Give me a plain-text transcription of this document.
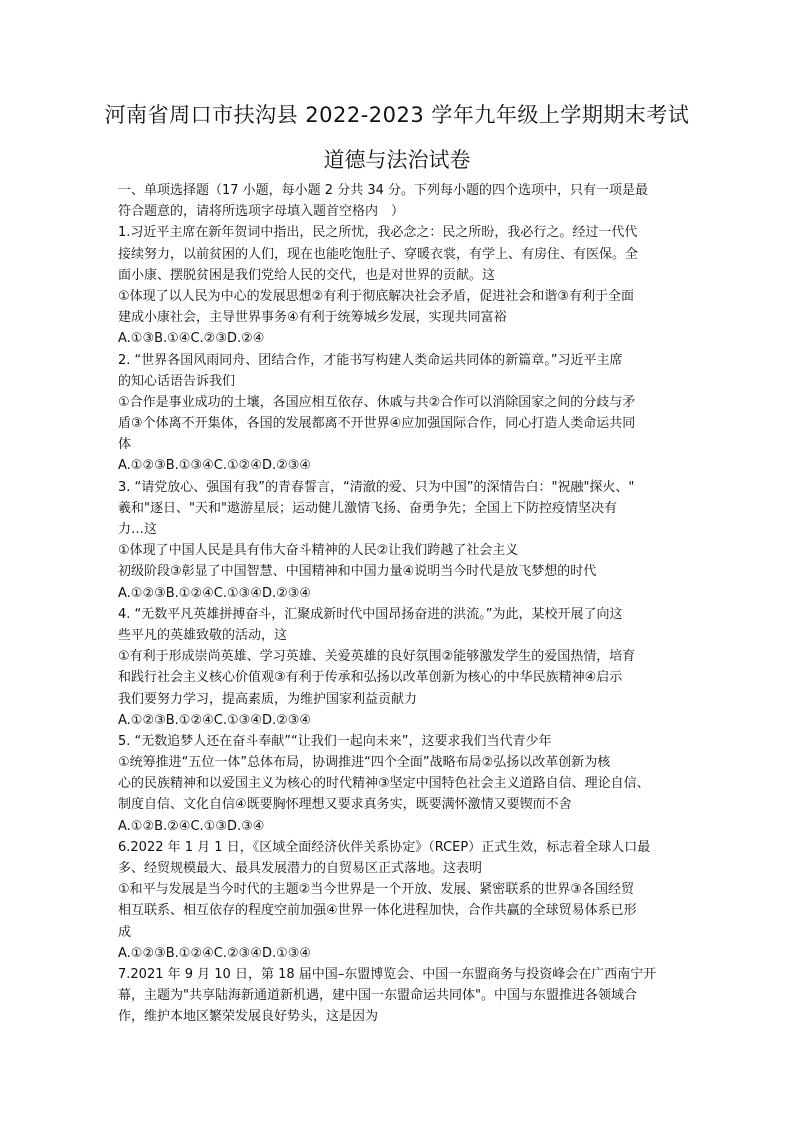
河南省周口市扶沟县 2022-2023 学年九年级上学期期末考试
道德与法治试卷
一、单项选择题（17 小题，每小题 2 分共 34 分。下列每小题的四个选项中，只有一项是最
符合题意的，请将所选项字母填入题首空格内　）
1.习近平主席在新年贺词中指出，民之所忧，我必念之：民之所盼，我必行之。经过一代代
接续努力，以前贫困的人们，现在也能吃饱肚子、穿暖衣裳，有学上、有房住、有医保。全
面小康、摆脱贫困是我们党给人民的交代，也是对世界的贡献。这
①体现了以人民为中心的发展思想②有利于彻底解决社会矛盾，促进社会和谐③有利于全面
建成小康社会，主导世界事务④有利于统筹城乡发展，实现共同富裕
A.①③B.①④C.②③D.②④
2. “世界各国风雨同舟、团结合作，才能书写构建人类命运共同体的新篇章。”习近平主席
的知心话语告诉我们
①合作是事业成功的土壤，各国应相互依存、休戚与共②合作可以消除国家之间的分歧与矛
盾③个体离不开集体，各国的发展都离不开世界④应加强国际合作，同心打造人类命运共同
体
A.①②③B.①③④C.①②④D.②③④
3. “请党放心、强国有我”的青春誓言，“清澈的爱、只为中国”的深情告白："祝融"探火、"
羲和"逐日、"天和"遨游星辰；运动健儿激情飞扬、奋勇争先；全国上下防控疫情坚决有
力…这
①体现了中国人民是具有伟大奋斗精神的人民②让我们跨越了社会主义
初级阶段③彰显了中国智慧、中国精神和中国力量④说明当今时代是放飞梦想的时代
A.①②③B.①②④C.①③④D.②③④
4. “无数平凡英雄拼搏奋斗，汇聚成新时代中国昂扬奋进的洪流。”为此，某校开展了向这
些平凡的英雄致敬的活动，这
①有利于形成崇尚英雄、学习英雄、关爱英雄的良好氛围②能够激发学生的爱国热情，培育
和践行社会主义核心价值观③有利于传承和弘扬以改革创新为核心的中华民族精神④启示
我们要努力学习，提高素质，为维护国家利益贡献力
A.①②③B.①②④C.①③④D.②③④
5. “无数追梦人还在奋斗奉献”“让我们一起向未来”，这要求我们当代青少年
①统筹推进“五位一体”总体布局，协调推进“四个全面”战略布局②弘扬以改革创新为核
心的民族精神和以爱国主义为核心的时代精神③坚定中国特色社会主义道路自信、理论自信、
制度自信、文化自信④既要胸怀理想又要求真务实，既要满怀激情又要锲而不舍
A.①②B.②④C.①③D.③④
6.2022 年 1 月 1 日，《区域全面经济伙伴关系协定》（RCEP）正式生效，标志着全球人口最
多、经贸规模最大、最具发展潜力的自贸易区正式落地。这表明
①和平与发展是当今时代的主题②当今世界是一个开放、发展、紧密联系的世界③各国经贸
相互联系、相互依存的程度空前加强④世界一体化进程加快，合作共赢的全球贸易体系已形
成
A.①②③B.①②④C.②③④D.①③④
7.2021 年 9 月 10 日，第 18 届中国–东盟博览会、中国一东盟商务与投资峰会在广西南宁开
幕，主题为"共享陆海新通道新机遇，建中国一东盟命运共同体"。中国与东盟推进各领域合
作，维护本地区繁荣发展良好势头，这是因为
